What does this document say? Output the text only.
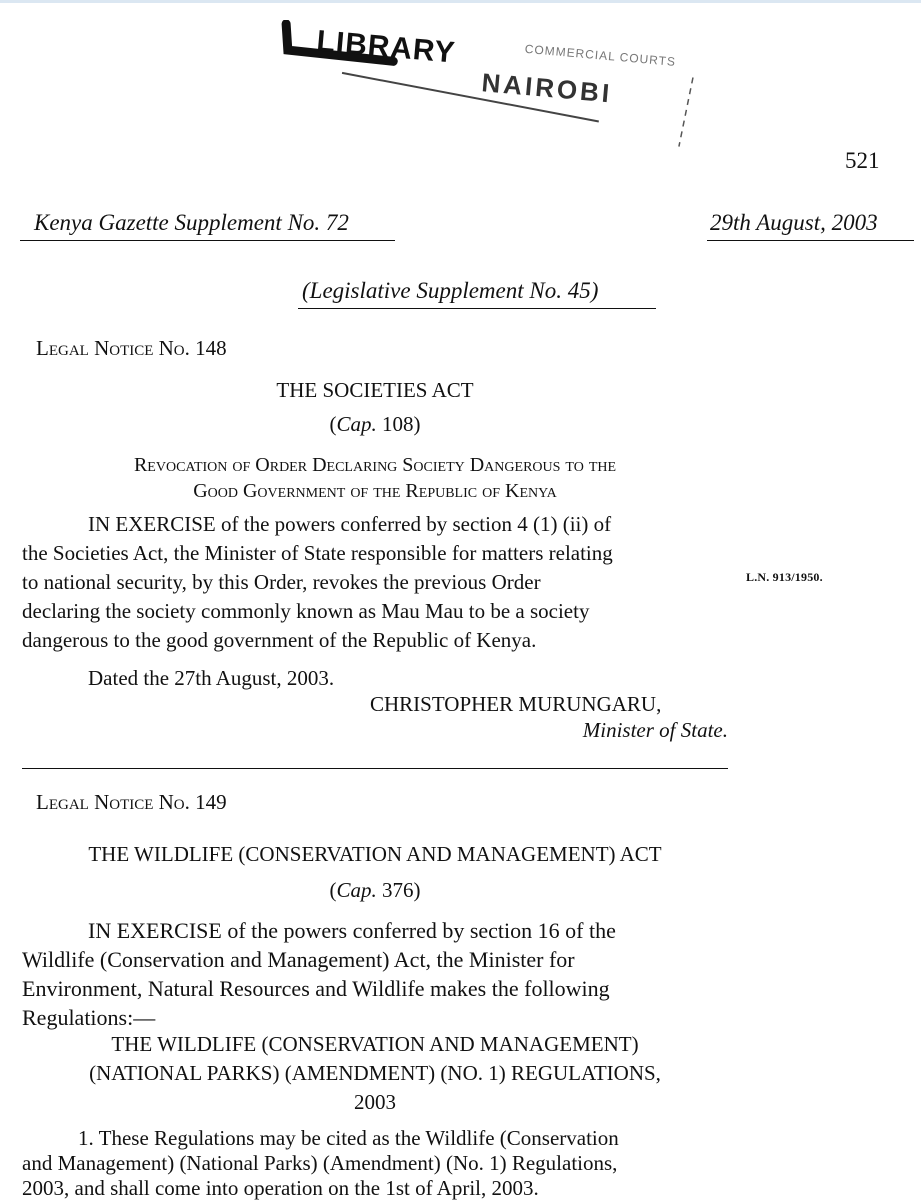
LIBRARY
NAIROBI
COMMERCIAL COURTS
521
Kenya Gazette Supplement No. 72	29th August, 2003
(Legislative Supplement No. 45)
Legal Notice No. 148
THE SOCIETIES ACT
(Cap. 108)
Revocation of Order Declaring Society Dangerous to the
Good Government of the Republic of Kenya
IN EXERCISE of the powers conferred by section 4 (1) (ii) of
the Societies Act, the Minister of State responsible for matters relating
to national security, by this Order, revokes the previous Order
declaring the society commonly known as Mau Mau to be a society
dangerous to the good government of the Republic of Kenya.
L.N. 913/1950.
Dated the 27th August, 2003.
CHRISTOPHER MURUNGARU,
Minister of State.
Legal Notice No. 149
THE WILDLIFE (CONSERVATION AND MANAGEMENT) ACT
(Cap. 376)
IN EXERCISE of the powers conferred by section 16 of the
Wildlife (Conservation and Management) Act, the Minister for
Environment, Natural Resources and Wildlife makes the following
Regulations:—
THE WILDLIFE (CONSERVATION AND MANAGEMENT)
(NATIONAL PARKS) (AMENDMENT) (NO. 1) REGULATIONS,
2003
1. These Regulations may be cited as the Wildlife (Conservation
and Management) (National Parks) (Amendment) (No. 1) Regulations,
2003, and shall come into operation on the 1st of April, 2003.
